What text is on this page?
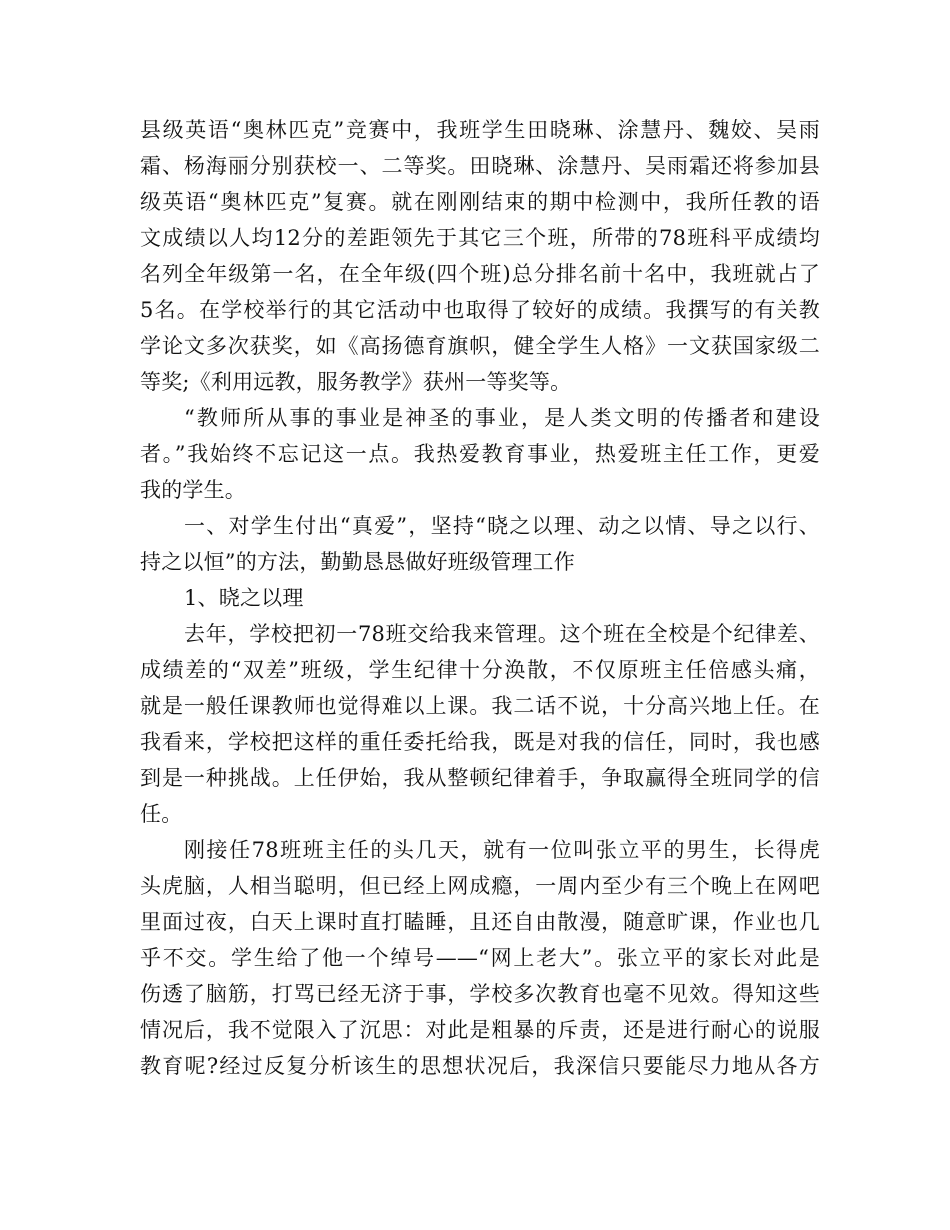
县级英语“奥林匹克”竞赛中，我班学生田晓琳、涂慧丹、魏姣、吴雨
霜、杨海丽分别获校一、二等奖。田晓琳、涂慧丹、吴雨霜还将参加县
级英语“奥林匹克”复赛。就在刚刚结束的期中检测中，我所任教的语
文成绩以人均12分的差距领先于其它三个班，所带的78班科平成绩均
名列全年级第一名，在全年级(四个班)总分排名前十名中，我班就占了
5名。在学校举行的其它活动中也取得了较好的成绩。我撰写的有关教
学论文多次获奖，如《高扬德育旗帜，健全学生人格》一文获国家级二
等奖;《利用远教，服务教学》获州一等奖等。
“教师所从事的事业是神圣的事业，是人类文明的传播者和建设
者。”我始终不忘记这一点。我热爱教育事业，热爱班主任工作，更爱
我的学生。
一、对学生付出“真爱”，坚持“晓之以理、动之以情、导之以行、
持之以恒”的方法，勤勤恳恳做好班级管理工作
1、晓之以理
去年，学校把初一78班交给我来管理。这个班在全校是个纪律差、
成绩差的“双差”班级，学生纪律十分涣散，不仅原班主任倍感头痛，
就是一般任课教师也觉得难以上课。我二话不说，十分高兴地上任。在
我看来，学校把这样的重任委托给我，既是对我的信任，同时，我也感
到是一种挑战。上任伊始，我从整顿纪律着手，争取赢得全班同学的信
任。
刚接任78班班主任的头几天，就有一位叫张立平的男生，长得虎
头虎脑，人相当聪明，但已经上网成瘾，一周内至少有三个晚上在网吧
里面过夜，白天上课时直打瞌睡，且还自由散漫，随意旷课，作业也几
乎不交。学生给了他一个绰号——“网上老大”。张立平的家长对此是
伤透了脑筋，打骂已经无济于事，学校多次教育也毫不见效。得知这些
情况后，我不觉限入了沉思：对此是粗暴的斥责，还是进行耐心的说服
教育呢?经过反复分析该生的思想状况后，我深信只要能尽力地从各方
